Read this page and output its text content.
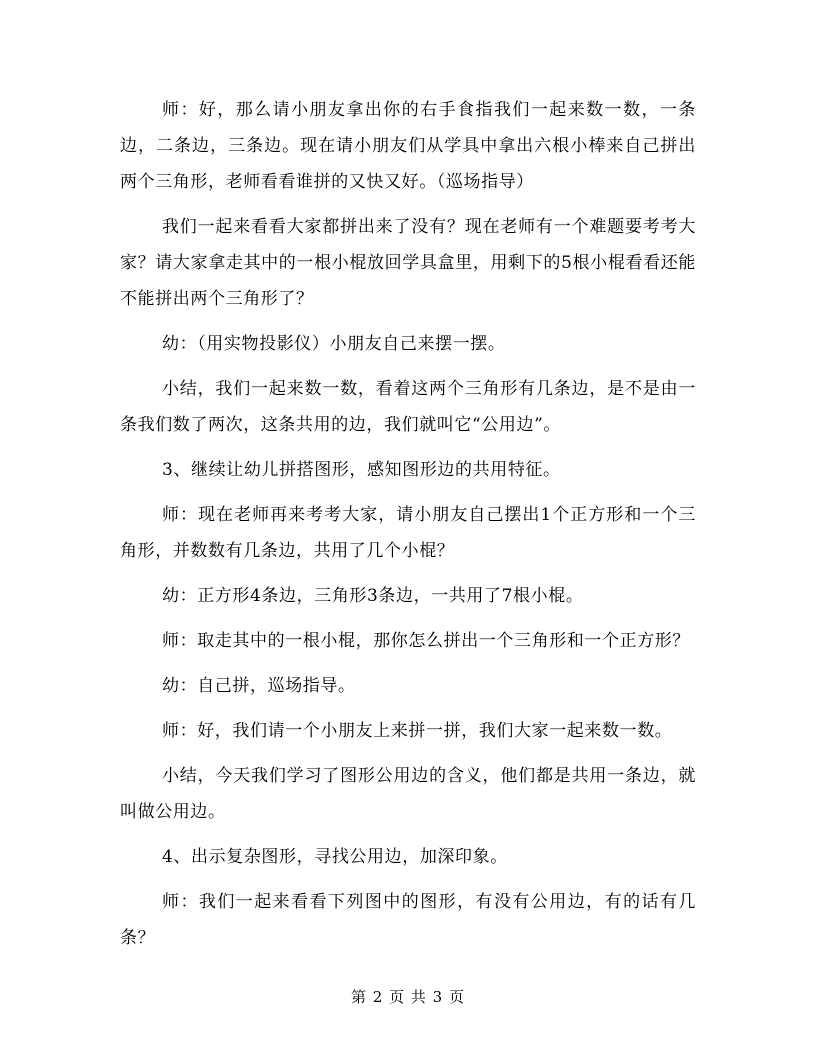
师：好，那么请小朋友拿出你的右手食指我们一起来数一数，一条边，二条边，三条边。现在请小朋友们从学具中拿出六根小棒来自己拼出两个三角形，老师看看谁拼的又快又好。（巡场指导）

我们一起来看看大家都拼出来了没有？现在老师有一个难题要考考大家？请大家拿走其中的一根小棍放回学具盒里，用剩下的5根小棍看看还能不能拼出两个三角形了？

幼：（用实物投影仪）小朋友自己来摆一摆。

小结，我们一起来数一数，看着这两个三角形有几条边，是不是由一条我们数了两次，这条共用的边，我们就叫它“公用边”。

3、继续让幼儿拼搭图形，感知图形边的共用特征。

师：现在老师再来考考大家，请小朋友自己摆出1个正方形和一个三角形，并数数有几条边，共用了几个小棍？

幼：正方形4条边，三角形3条边，一共用了7根小棍。

师：取走其中的一根小棍，那你怎么拼出一个三角形和一个正方形？

幼：自己拼，巡场指导。

师：好，我们请一个小朋友上来拼一拼，我们大家一起来数一数。

小结，今天我们学习了图形公用边的含义，他们都是共用一条边，就叫做公用边。

4、出示复杂图形，寻找公用边，加深印象。

师：我们一起来看看下列图中的图形，有没有公用边，有的话有几条？

第 2 页 共 3 页
